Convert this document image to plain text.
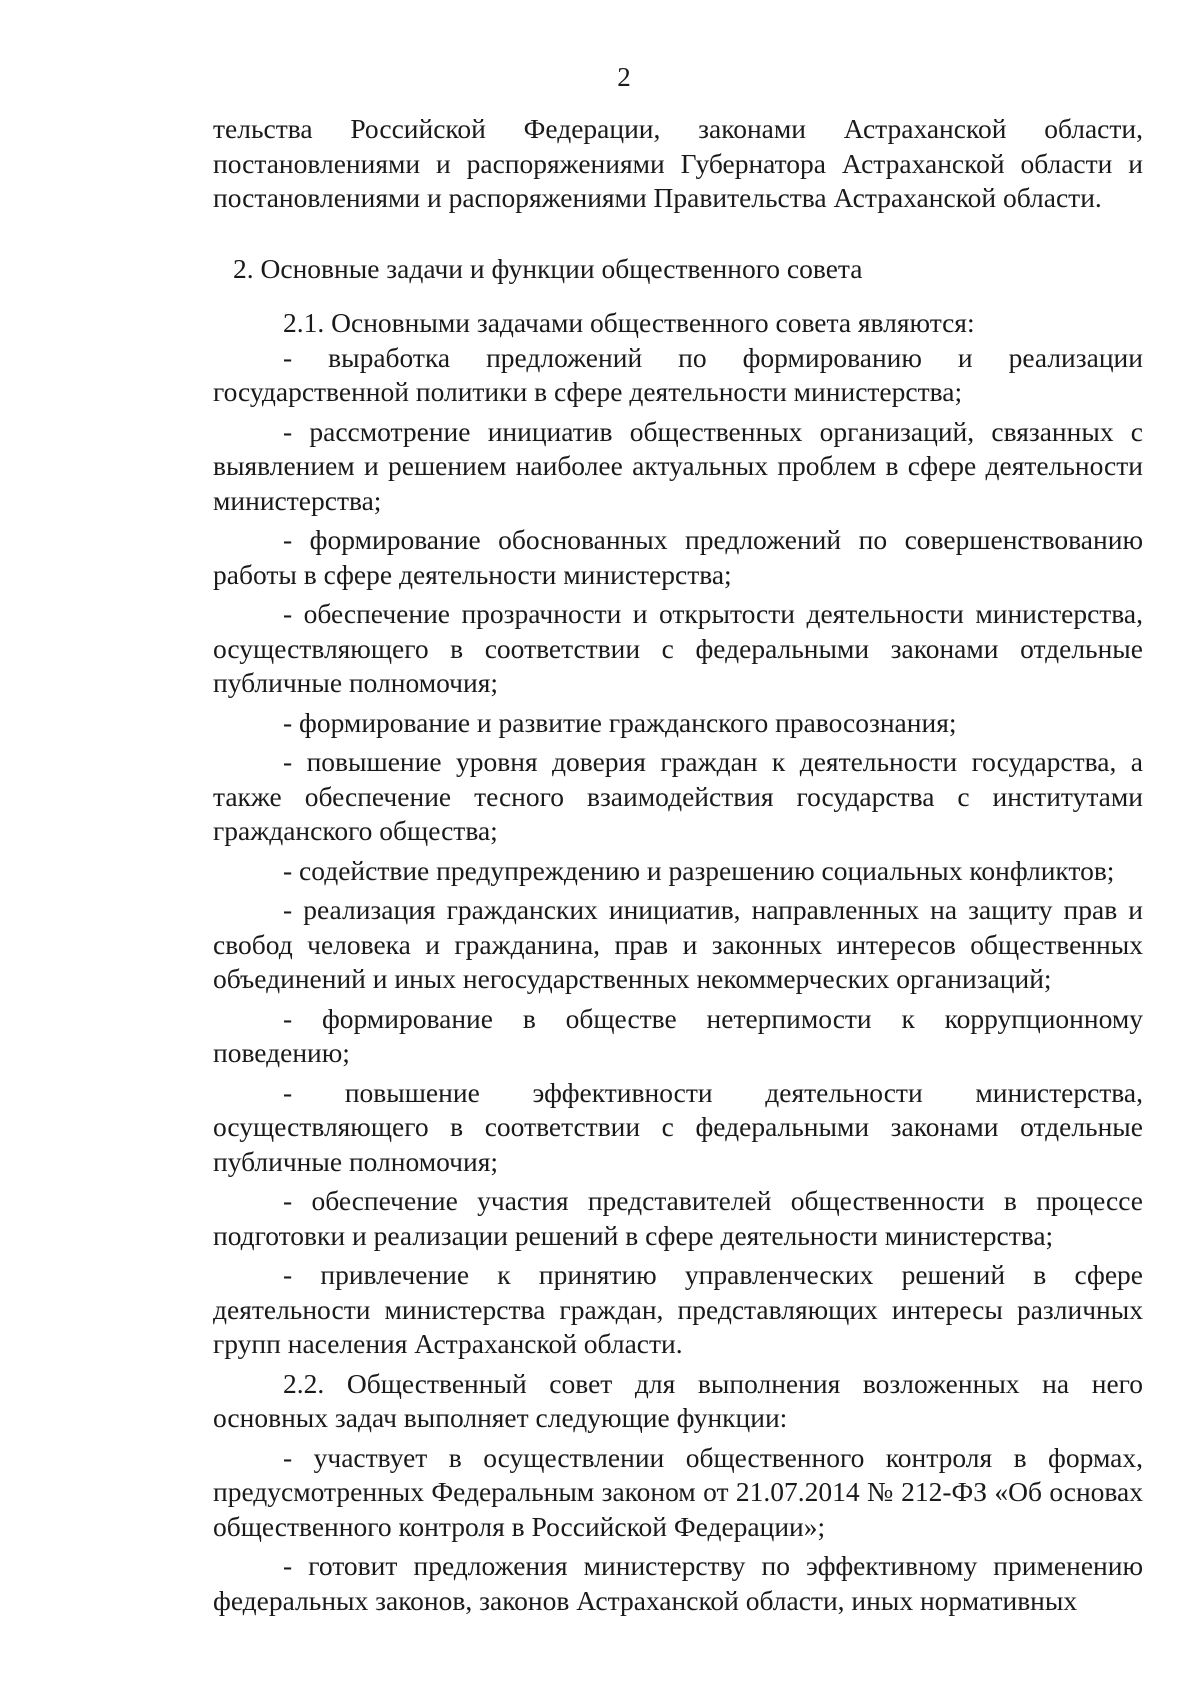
2

тельства Российской Федерации, законами Астраханской области, постановлениями и распоряжениями Губернатора Астраханской области и постановлениями и распоряжениями Правительства Астраханской области.

2. Основные задачи и функции общественного совета

2.1. Основными задачами общественного совета являются:

- выработка предложений по формированию и реализации государственной политики в сфере деятельности министерства;

- рассмотрение инициатив общественных организаций, связанных с выявлением и решением наиболее актуальных проблем в сфере деятельности министерства;

- формирование обоснованных предложений по совершенствованию работы в сфере деятельности министерства;

- обеспечение прозрачности и открытости деятельности министерства, осуществляющего в соответствии с федеральными законами отдельные публичные полномочия;

- формирование и развитие гражданского правосознания;

- повышение уровня доверия граждан к деятельности государства, а также обеспечение тесного взаимодействия государства с институтами гражданского общества;

- содействие предупреждению и разрешению социальных конфликтов;

- реализация гражданских инициатив, направленных на защиту прав и свобод человека и гражданина, прав и законных интересов общественных объединений и иных негосударственных некоммерческих организаций;

- формирование в обществе нетерпимости к коррупционному поведению;

- повышение эффективности деятельности министерства, осуществляющего в соответствии с федеральными законами отдельные публичные полномочия;

- обеспечение участия представителей общественности в процессе подготовки и реализации решений в сфере деятельности министерства;

- привлечение к принятию управленческих решений в сфере деятельности министерства граждан, представляющих интересы различных групп населения Астраханской области.

2.2. Общественный совет для выполнения возложенных на него основных задач выполняет следующие функции:

- участвует в осуществлении общественного контроля в формах, предусмотренных Федеральным законом от 21.07.2014 № 212-ФЗ «Об основах общественного контроля в Российской Федерации»;

- готовит предложения министерству по эффективному применению федеральных законов, законов Астраханской области, иных нормативных
